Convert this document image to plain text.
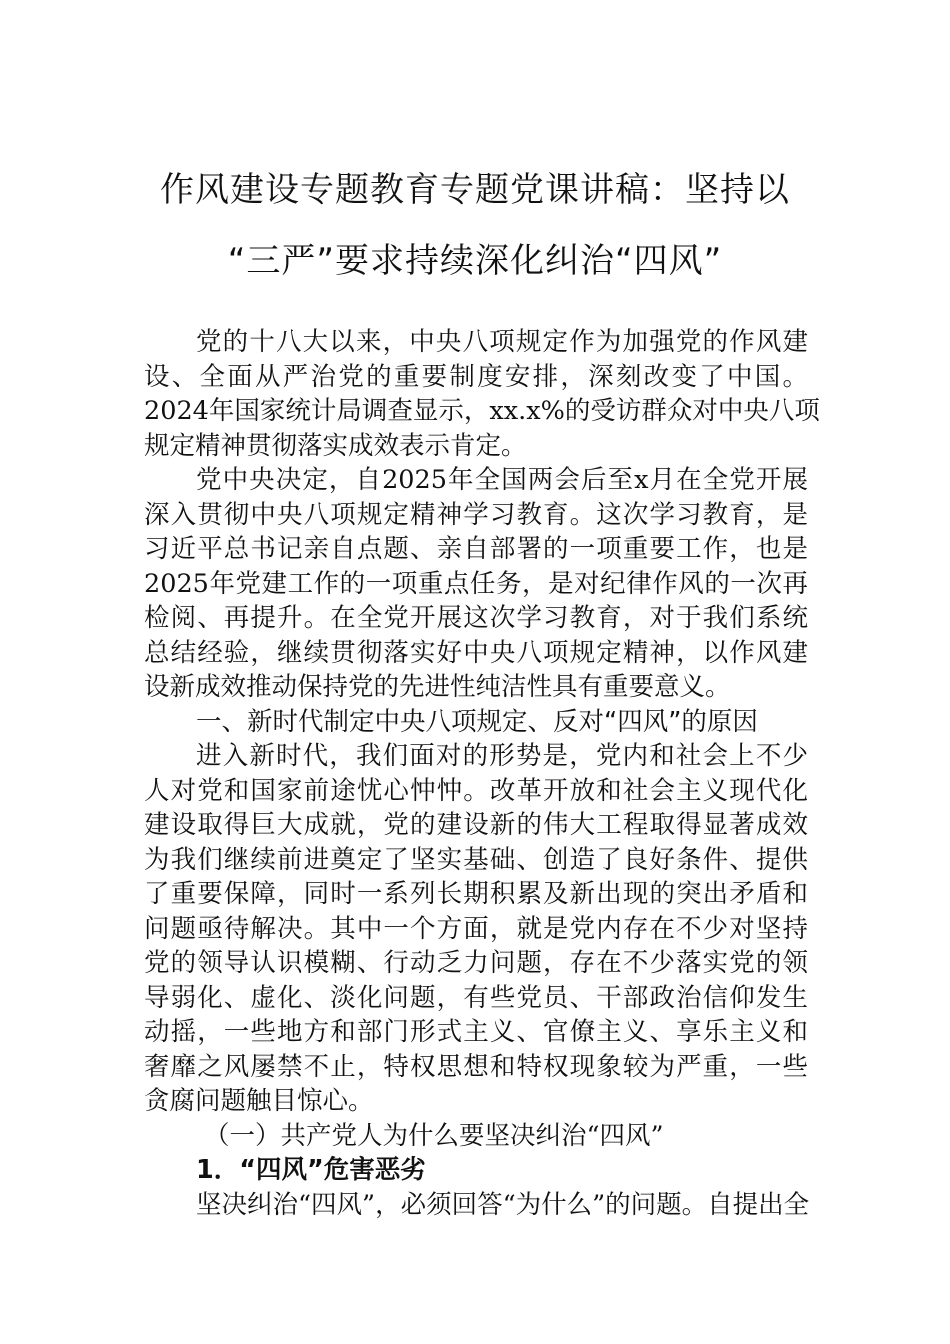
作风建设专题教育专题党课讲稿：坚持以
“三严”要求持续深化纠治“四风”
党的十八大以来，中央八项规定作为加强党的作风建
设、全面从严治党的重要制度安排，深刻改变了中国。
2024年国家统计局调查显示，xx.x%的受访群众对中央八项
规定精神贯彻落实成效表示肯定。
党中央决定，自2025年全国两会后至x月在全党开展
深入贯彻中央八项规定精神学习教育。这次学习教育，是
习近平总书记亲自点题、亲自部署的一项重要工作，也是
2025年党建工作的一项重点任务，是对纪律作风的一次再
检阅、再提升。在全党开展这次学习教育，对于我们系统
总结经验，继续贯彻落实好中央八项规定精神，以作风建
设新成效推动保持党的先进性纯洁性具有重要意义。
一、新时代制定中央八项规定、反对“四风”的原因
进入新时代，我们面对的形势是，党内和社会上不少
人对党和国家前途忧心忡忡。改革开放和社会主义现代化
建设取得巨大成就，党的建设新的伟大工程取得显著成效
为我们继续前进奠定了坚实基础、创造了良好条件、提供
了重要保障，同时一系列长期积累及新出现的突出矛盾和
问题亟待解决。其中一个方面，就是党内存在不少对坚持
党的领导认识模糊、行动乏力问题，存在不少落实党的领
导弱化、虚化、淡化问题，有些党员、干部政治信仰发生
动摇，一些地方和部门形式主义、官僚主义、享乐主义和
奢靡之风屡禁不止，特权思想和特权现象较为严重，一些
贪腐问题触目惊心。
（一）共产党人为什么要坚决纠治“四风”
1．“四风”危害恶劣
坚决纠治“四风”，必须回答“为什么”的问题。自提出全
